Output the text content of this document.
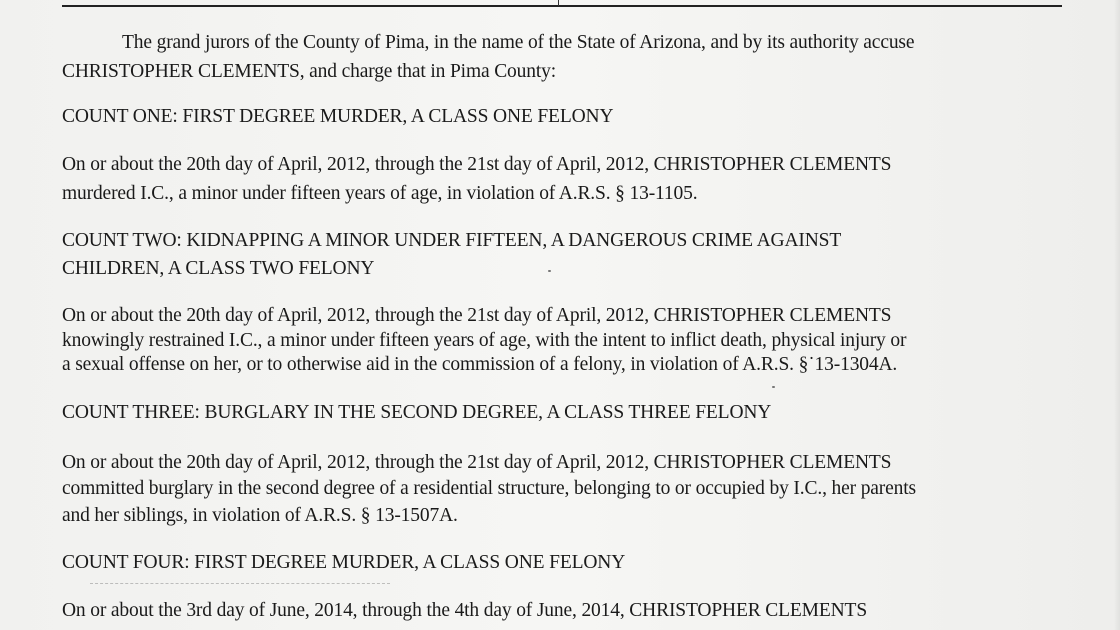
The grand jurors of the County of Pima, in the name of the State of Arizona, and by its authority accuse
CHRISTOPHER CLEMENTS, and charge that in Pima County:
COUNT ONE: FIRST DEGREE MURDER, A CLASS ONE FELONY
On or about the 20th day of April, 2012, through the 21st day of April, 2012, CHRISTOPHER CLEMENTS
murdered I.C., a minor under fifteen years of age, in violation of A.R.S. § 13-1105.
COUNT TWO: KIDNAPPING A MINOR UNDER FIFTEEN, A DANGEROUS CRIME AGAINST
CHILDREN, A CLASS TWO FELONY
On or about the 20th day of April, 2012, through the 21st day of April, 2012, CHRISTOPHER CLEMENTS
knowingly restrained I.C., a minor under fifteen years of age, with the intent to inflict death, physical injury or
a sexual offense on her, or to otherwise aid in the commission of a felony, in violation of A.R.S. §˙13-1304A.
COUNT THREE: BURGLARY IN THE SECOND DEGREE, A CLASS THREE FELONY
On or about the 20th day of April, 2012, through the 21st day of April, 2012, CHRISTOPHER CLEMENTS
committed burglary in the second degree of a residential structure, belonging to or occupied by I.C., her parents
and her siblings, in violation of A.R.S. § 13-1507A.
COUNT FOUR: FIRST DEGREE MURDER, A CLASS ONE FELONY
On or about the 3rd day of June, 2014, through the 4th day of June, 2014, CHRISTOPHER CLEMENTS
